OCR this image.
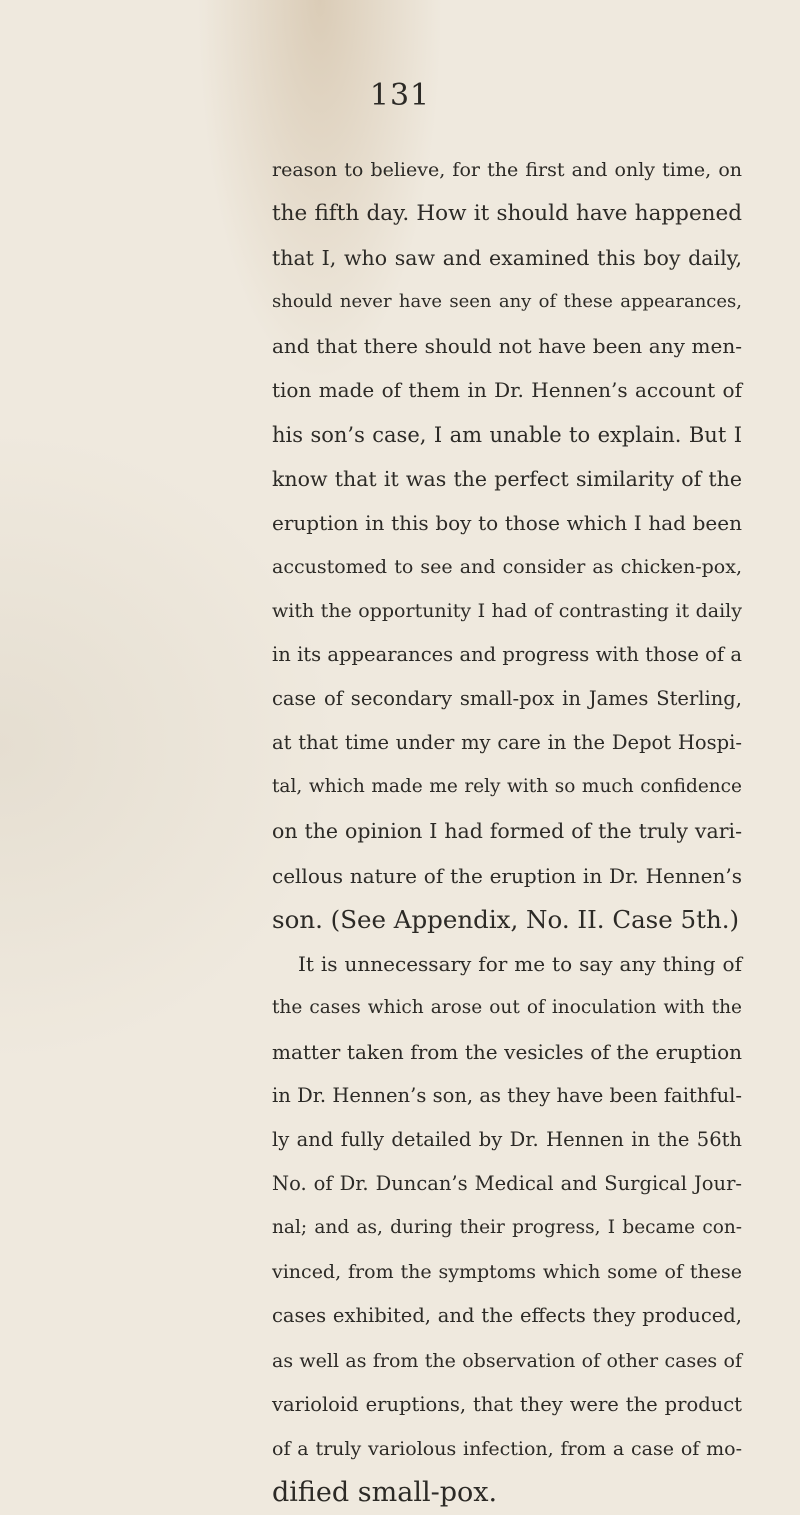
131
reason to believe, for the first and only time, on
the fifth day. How it should have happened
that I, who saw and examined this boy daily,
should never have seen any of these appearances,
and that there should not have been any men-
tion made of them in Dr. Hennen’s account of
his son’s case, I am unable to explain. But I
know that it was the perfect similarity of the
eruption in this boy to those which I had been
accustomed to see and consider as chicken-pox,
with the opportunity I had of contrasting it daily
in its appearances and progress with those of a
case of secondary small-pox in James Sterling,
at that time under my care in the Depot Hospi-
tal, which made me rely with so much confidence
on the opinion I had formed of the truly vari-
cellous nature of the eruption in Dr. Hennen’s
son. (See Appendix, No. II. Case 5th.)
It is unnecessary for me to say any thing of
the cases which arose out of inoculation with the
matter taken from the vesicles of the eruption
in Dr. Hennen’s son, as they have been faithful-
ly and fully detailed by Dr. Hennen in the 56th
No. of Dr. Duncan’s Medical and Surgical Jour-
nal; and as, during their progress, I became con-
vinced, from the symptoms which some of these
cases exhibited, and the effects they produced,
as well as from the observation of other cases of
varioloid eruptions, that they were the product
of a truly variolous infection, from a case of mo-
dified small-pox.
